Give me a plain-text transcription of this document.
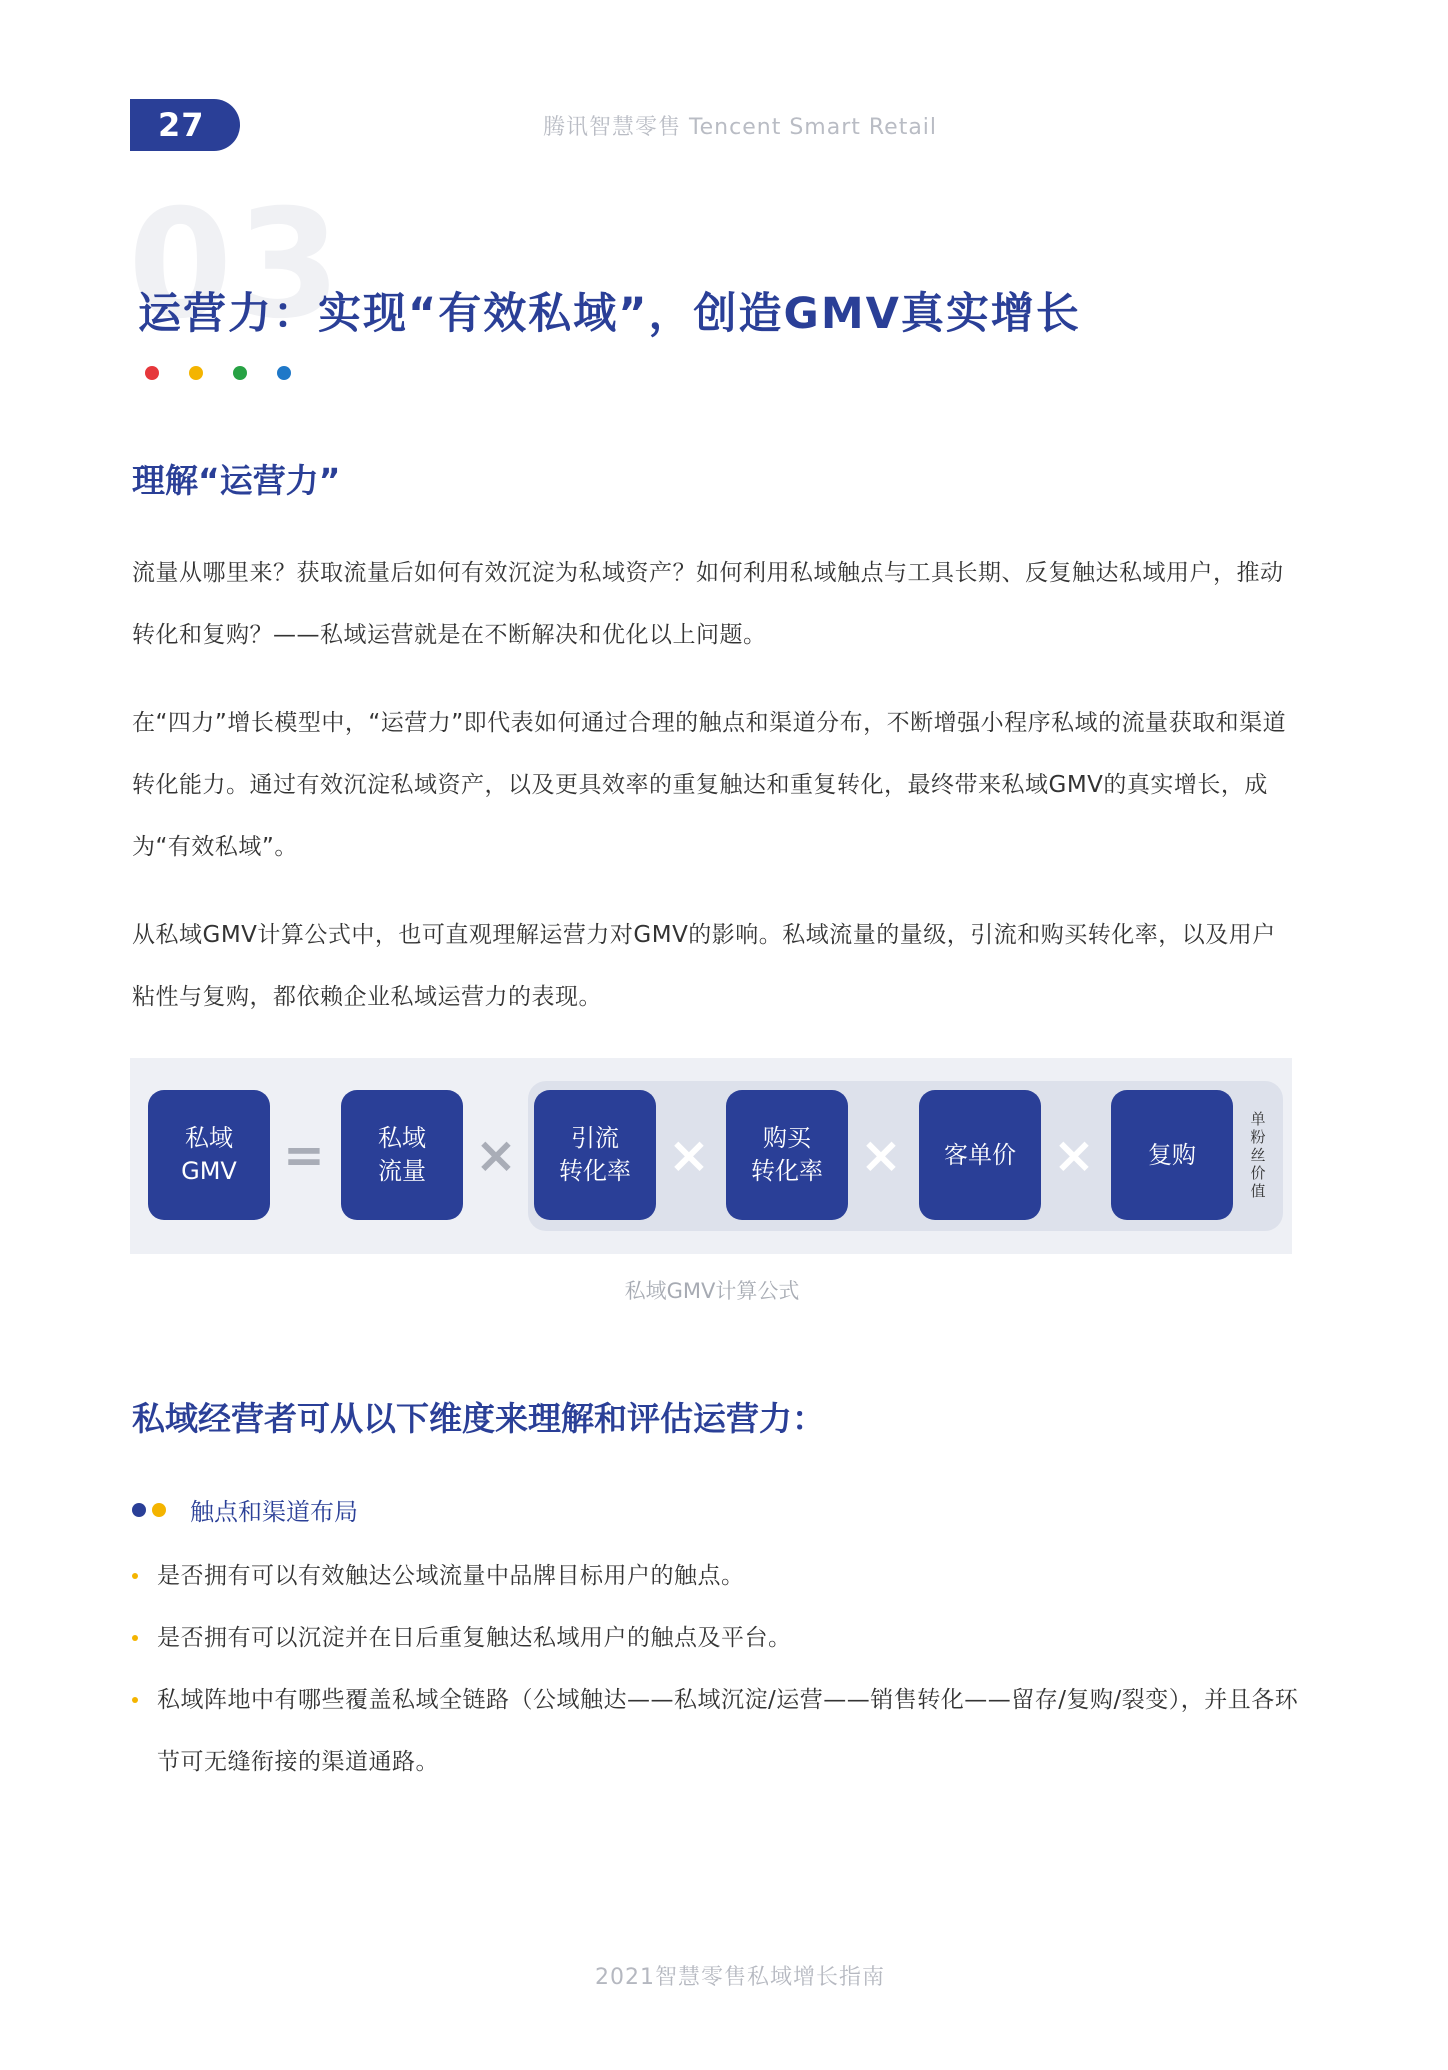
27	腾讯智慧零售 Tencent Smart Retail
03
运营力：实现“有效私域”，创造GMV真实增长
理解“运营力”
流量从哪里来？获取流量后如何有效沉淀为私域资产？如何利用私域触点与工具长期、反复触达私域用户，推动转化和复购？——私域运营就是在不断解决和优化以上问题。
在“四力”增长模型中，“运营力”即代表如何通过合理的触点和渠道分布，不断增强小程序私域的流量获取和渠道转化能力。通过有效沉淀私域资产，以及更具效率的重复触达和重复转化，最终带来私域GMV的真实增长，成为“有效私域”。
从私域GMV计算公式中，也可直观理解运营力对GMV的影响。私域流量的量级，引流和购买转化率，以及用户粘性与复购，都依赖企业私域运营力的表现。
私域
GMV = 私域
流量 × 引流
转化率 × 购买
转化率 × 客单价 × 复购
单
粉
丝
价
值
私域GMV计算公式
私域经营者可从以下维度来理解和评估运营力：
触点和渠道布局
是否拥有可以有效触达公域流量中品牌目标用户的触点。
是否拥有可以沉淀并在日后重复触达私域用户的触点及平台。
私域阵地中有哪些覆盖私域全链路（公域触达——私域沉淀/运营——销售转化——留存/复购/裂变），并且各环节可无缝衔接的渠道通路。
2021智慧零售私域增长指南
